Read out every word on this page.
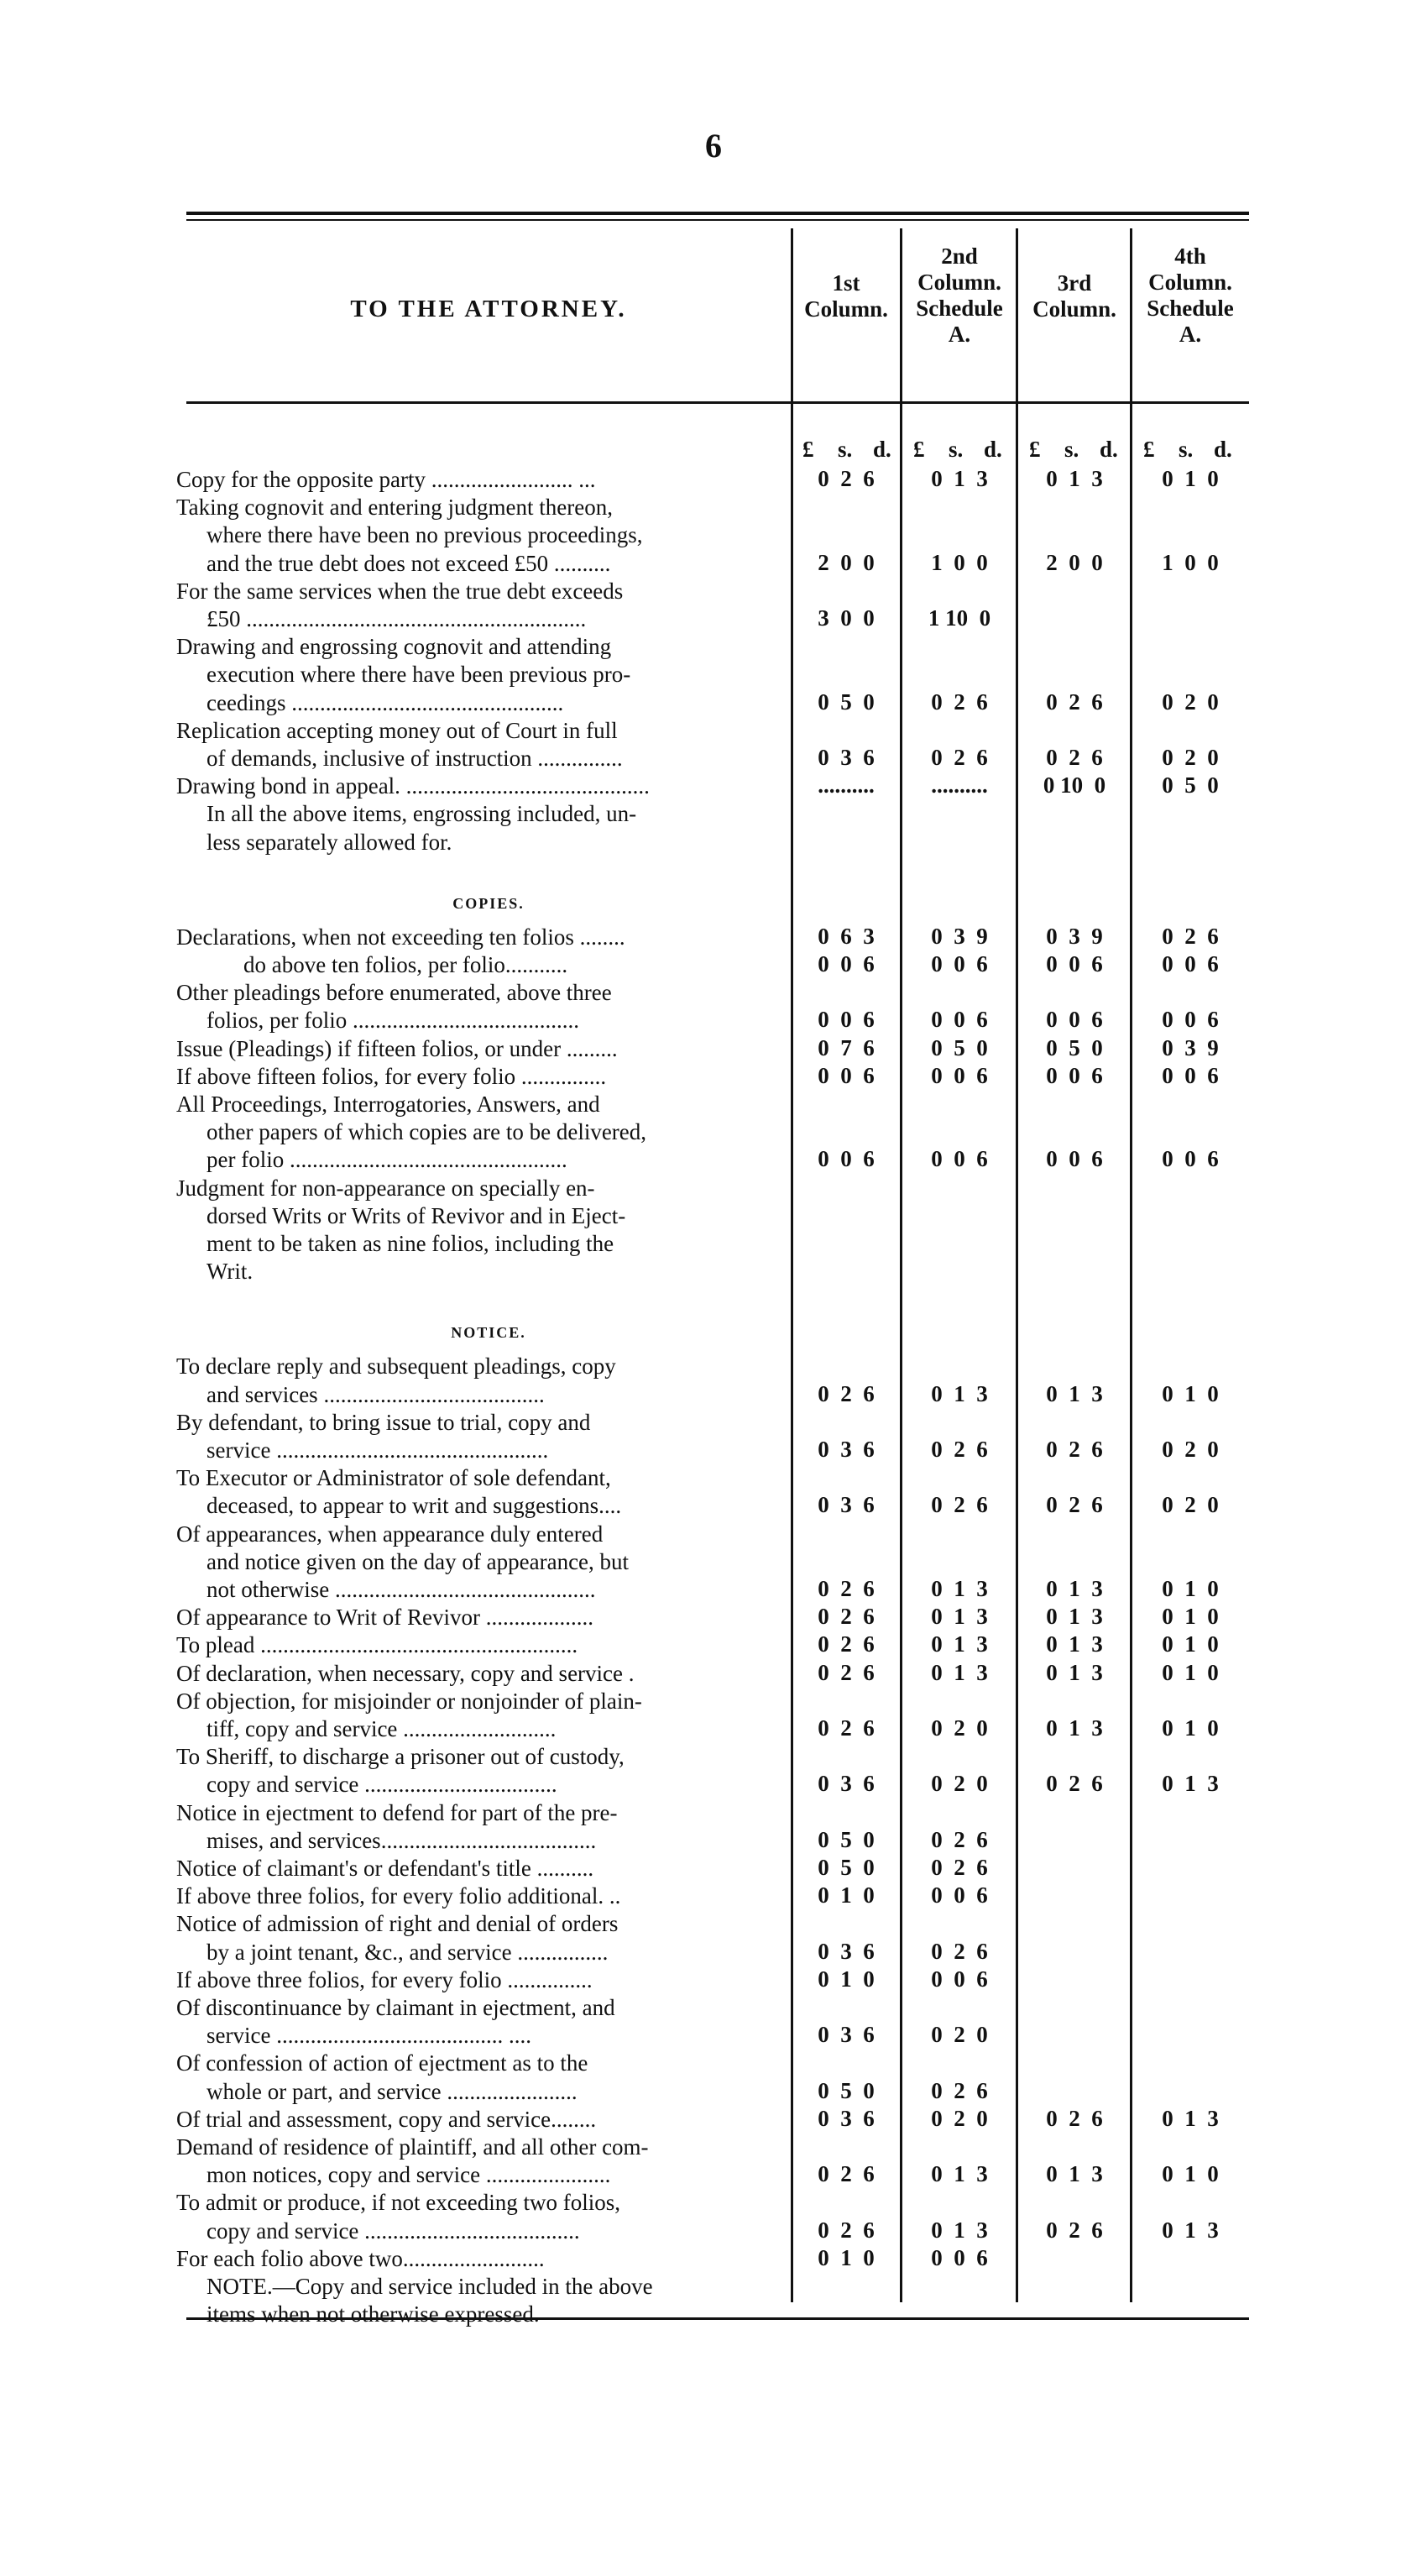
6
TO THE ATTORNEY.
1st
Column.
2nd
Column.
Schedule
A.
3rd
Column.
4th
Column.
Schedule
A.
£ s. d. £ s. d. £ s. d. £ s. d.
Copy for the opposite party ......................... ...	0  2  6	0  1  3	0  1  3	0  1  0
Taking cognovit and entering judgment thereon,
where there have been no previous proceedings,
and the true debt does not exceed £50 ..........	2  0  0	1  0  0	2  0  0	1  0  0
For the same services when the true debt exceeds
£50 ............................................................	3  0  0	1 10  0
Drawing and engrossing cognovit and attending
execution where there have been previous pro-
ceedings ................................................	0  5  0	0  2  6	0  2  6	0  2  0
Replication accepting money out of Court in full
of demands, inclusive of instruction ...............	0  3  6	0  2  6	0  2  6	0  2  0
Drawing bond in appeal. ...........................................	..........	..........	0 10  0	0  5  0
In all the above items, engrossing included, un-
less separately allowed for.
COPIES.
Declarations, when not exceeding ten folios ........	0  6  3	0  3  9	0  3  9	0  2  6
do above ten folios, per folio...........	0  0  6	0  0  6	0  0  6	0  0  6
Other pleadings before enumerated, above three
folios, per folio ........................................	0  0  6	0  0  6	0  0  6	0  0  6
Issue (Pleadings) if fifteen folios, or under .........	0  7  6	0  5  0	0  5  0	0  3  9
If above fifteen folios, for every folio ...............	0  0  6	0  0  6	0  0  6	0  0  6
All Proceedings, Interrogatories, Answers, and
other papers of which copies are to be delivered,
per folio .................................................	0  0  6	0  0  6	0  0  6	0  0  6
Judgment for non-appearance on specially en-
dorsed Writs or Writs of Revivor and in Eject-
ment to be taken as nine folios, including the
Writ.
NOTICE.
To declare reply and subsequent pleadings, copy
and services .......................................	0  2  6	0  1  3	0  1  3	0  1  0
By defendant, to bring issue to trial, copy and
service ................................................	0  3  6	0  2  6	0  2  6	0  2  0
To Executor or Administrator of sole defendant,
deceased, to appear to writ and suggestions....	0  3  6	0  2  6	0  2  6	0  2  0
Of appearances, when appearance duly entered
and notice given on the day of appearance, but
not otherwise ..............................................	0  2  6	0  1  3	0  1  3	0  1  0
Of appearance to Writ of Revivor ...................	0  2  6	0  1  3	0  1  3	0  1  0
To plead ........................................................	0  2  6	0  1  3	0  1  3	0  1  0
Of declaration, when necessary, copy and service .	0  2  6	0  1  3	0  1  3	0  1  0
Of objection, for misjoinder or nonjoinder of plain-
tiff, copy and service ...........................	0  2  6	0  2  0	0  1  3	0  1  0
To Sheriff, to discharge a prisoner out of custody,
copy and service ..................................	0  3  6	0  2  0	0  2  6	0  1  3
Notice in ejectment to defend for part of the pre-
mises, and services......................................	0  5  0	0  2  6
Notice of claimant's or defendant's title ..........	0  5  0	0  2  6
If above three folios, for every folio additional. ..	0  1  0	0  0  6
Notice of admission of right and denial of orders
by a joint tenant, &c., and service ................	0  3  6	0  2  6
If above three folios, for every folio ...............	0  1  0	0  0  6
Of discontinuance by claimant in ejectment, and
service ........................................ ....	0  3  6	0  2  0
Of confession of action of ejectment as to the
whole or part, and service .......................	0  5  0	0  2  6
Of trial and assessment, copy and service........	0  3  6	0  2  0	0  2  6	0  1  3
Demand of residence of plaintiff, and all other com-
mon notices, copy and service ......................	0  2  6	0  1  3	0  1  3	0  1  0
To admit or produce, if not exceeding two folios,
copy and service ......................................	0  2  6	0  1  3	0  2  6	0  1  3
For each folio above two.........................	0  1  0	0  0  6
NOTE.—Copy and service included in the above
items when not otherwise expressed.
